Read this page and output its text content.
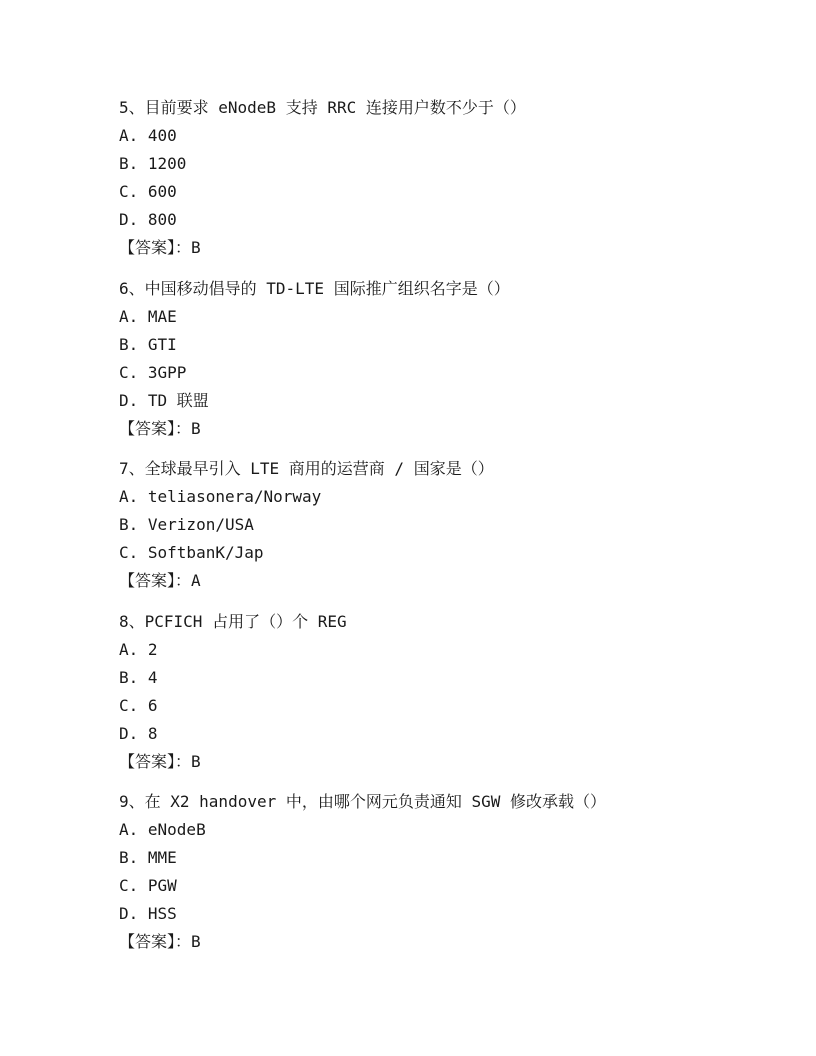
5、目前要求 eNodeB 支持 RRC 连接用户数不少于（）
A. 400
B. 1200
C. 600
D. 800
【答案】：B
6、中国移动倡导的 TD-LTE 国际推广组织名字是（）
A. MAE
B. GTI
C. 3GPP
D. TD 联盟
【答案】：B
7、全球最早引入 LTE 商用的运营商 / 国家是（）
A. teliasonera/Norway
B. Verizon/USA
C. SoftbanK/Jap
【答案】：A
8、PCFICH 占用了（）个 REG
A. 2
B. 4
C. 6
D. 8
【答案】：B
9、在 X2 handover 中，由哪个网元负责通知 SGW 修改承载（）
A. eNodeB
B. MME
C. PGW
D. HSS
【答案】：B
